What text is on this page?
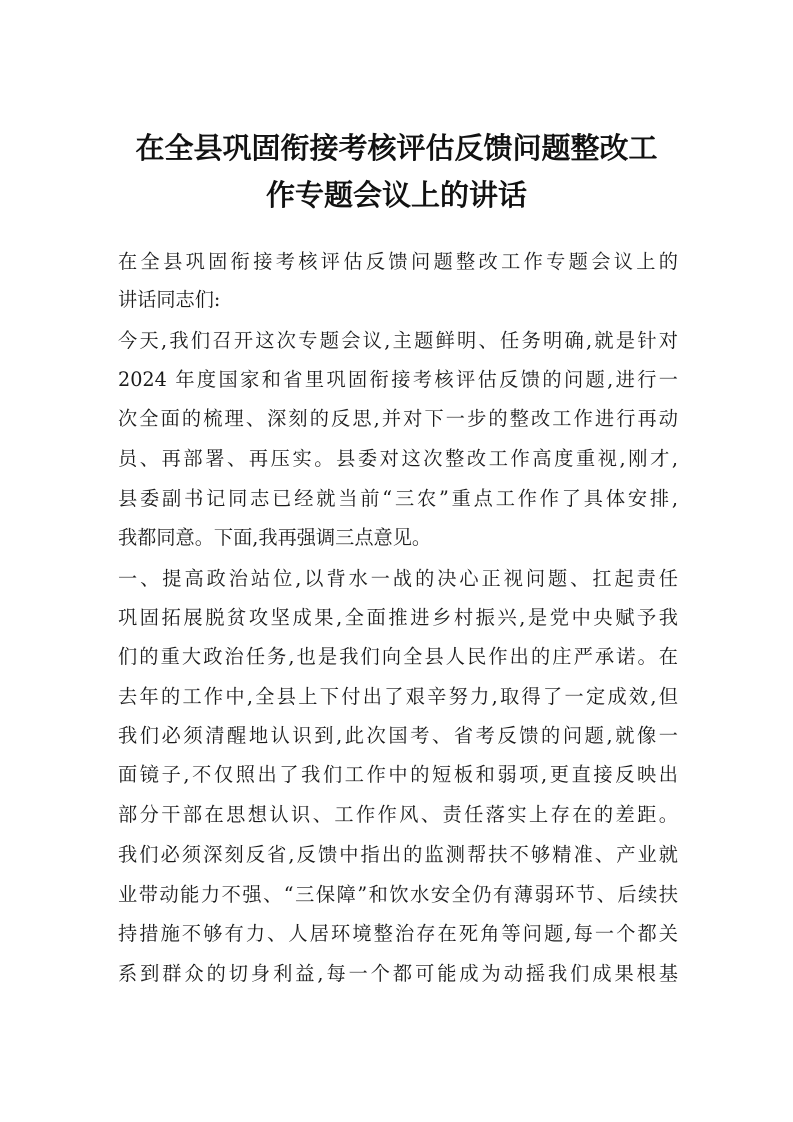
在全县巩固衔接考核评估反馈问题整改工
作专题会议上的讲话
在全县巩固衔接考核评估反馈问题整改工作专题会议上的
讲话同志们:
今天,我们召开这次专题会议,主题鲜明、任务明确,就是针对
2024 年度国家和省里巩固衔接考核评估反馈的问题,进行一
次全面的梳理、深刻的反思,并对下一步的整改工作进行再动
员、再部署、再压实。县委对这次整改工作高度重视,刚才,
县委副书记同志已经就当前“三农”重点工作作了具体安排,
我都同意。下面,我再强调三点意见。
一、提高政治站位,以背水一战的决心正视问题、扛起责任
巩固拓展脱贫攻坚成果,全面推进乡村振兴,是党中央赋予我
们的重大政治任务,也是我们向全县人民作出的庄严承诺。在
去年的工作中,全县上下付出了艰辛努力,取得了一定成效,但
我们必须清醒地认识到,此次国考、省考反馈的问题,就像一
面镜子,不仅照出了我们工作中的短板和弱项,更直接反映出
部分干部在思想认识、工作作风、责任落实上存在的差距。
我们必须深刻反省,反馈中指出的监测帮扶不够精准、产业就
业带动能力不强、“三保障”和饮水安全仍有薄弱环节、后续扶
持措施不够有力、人居环境整治存在死角等问题,每一个都关
系到群众的切身利益,每一个都可能成为动摇我们成果根基
